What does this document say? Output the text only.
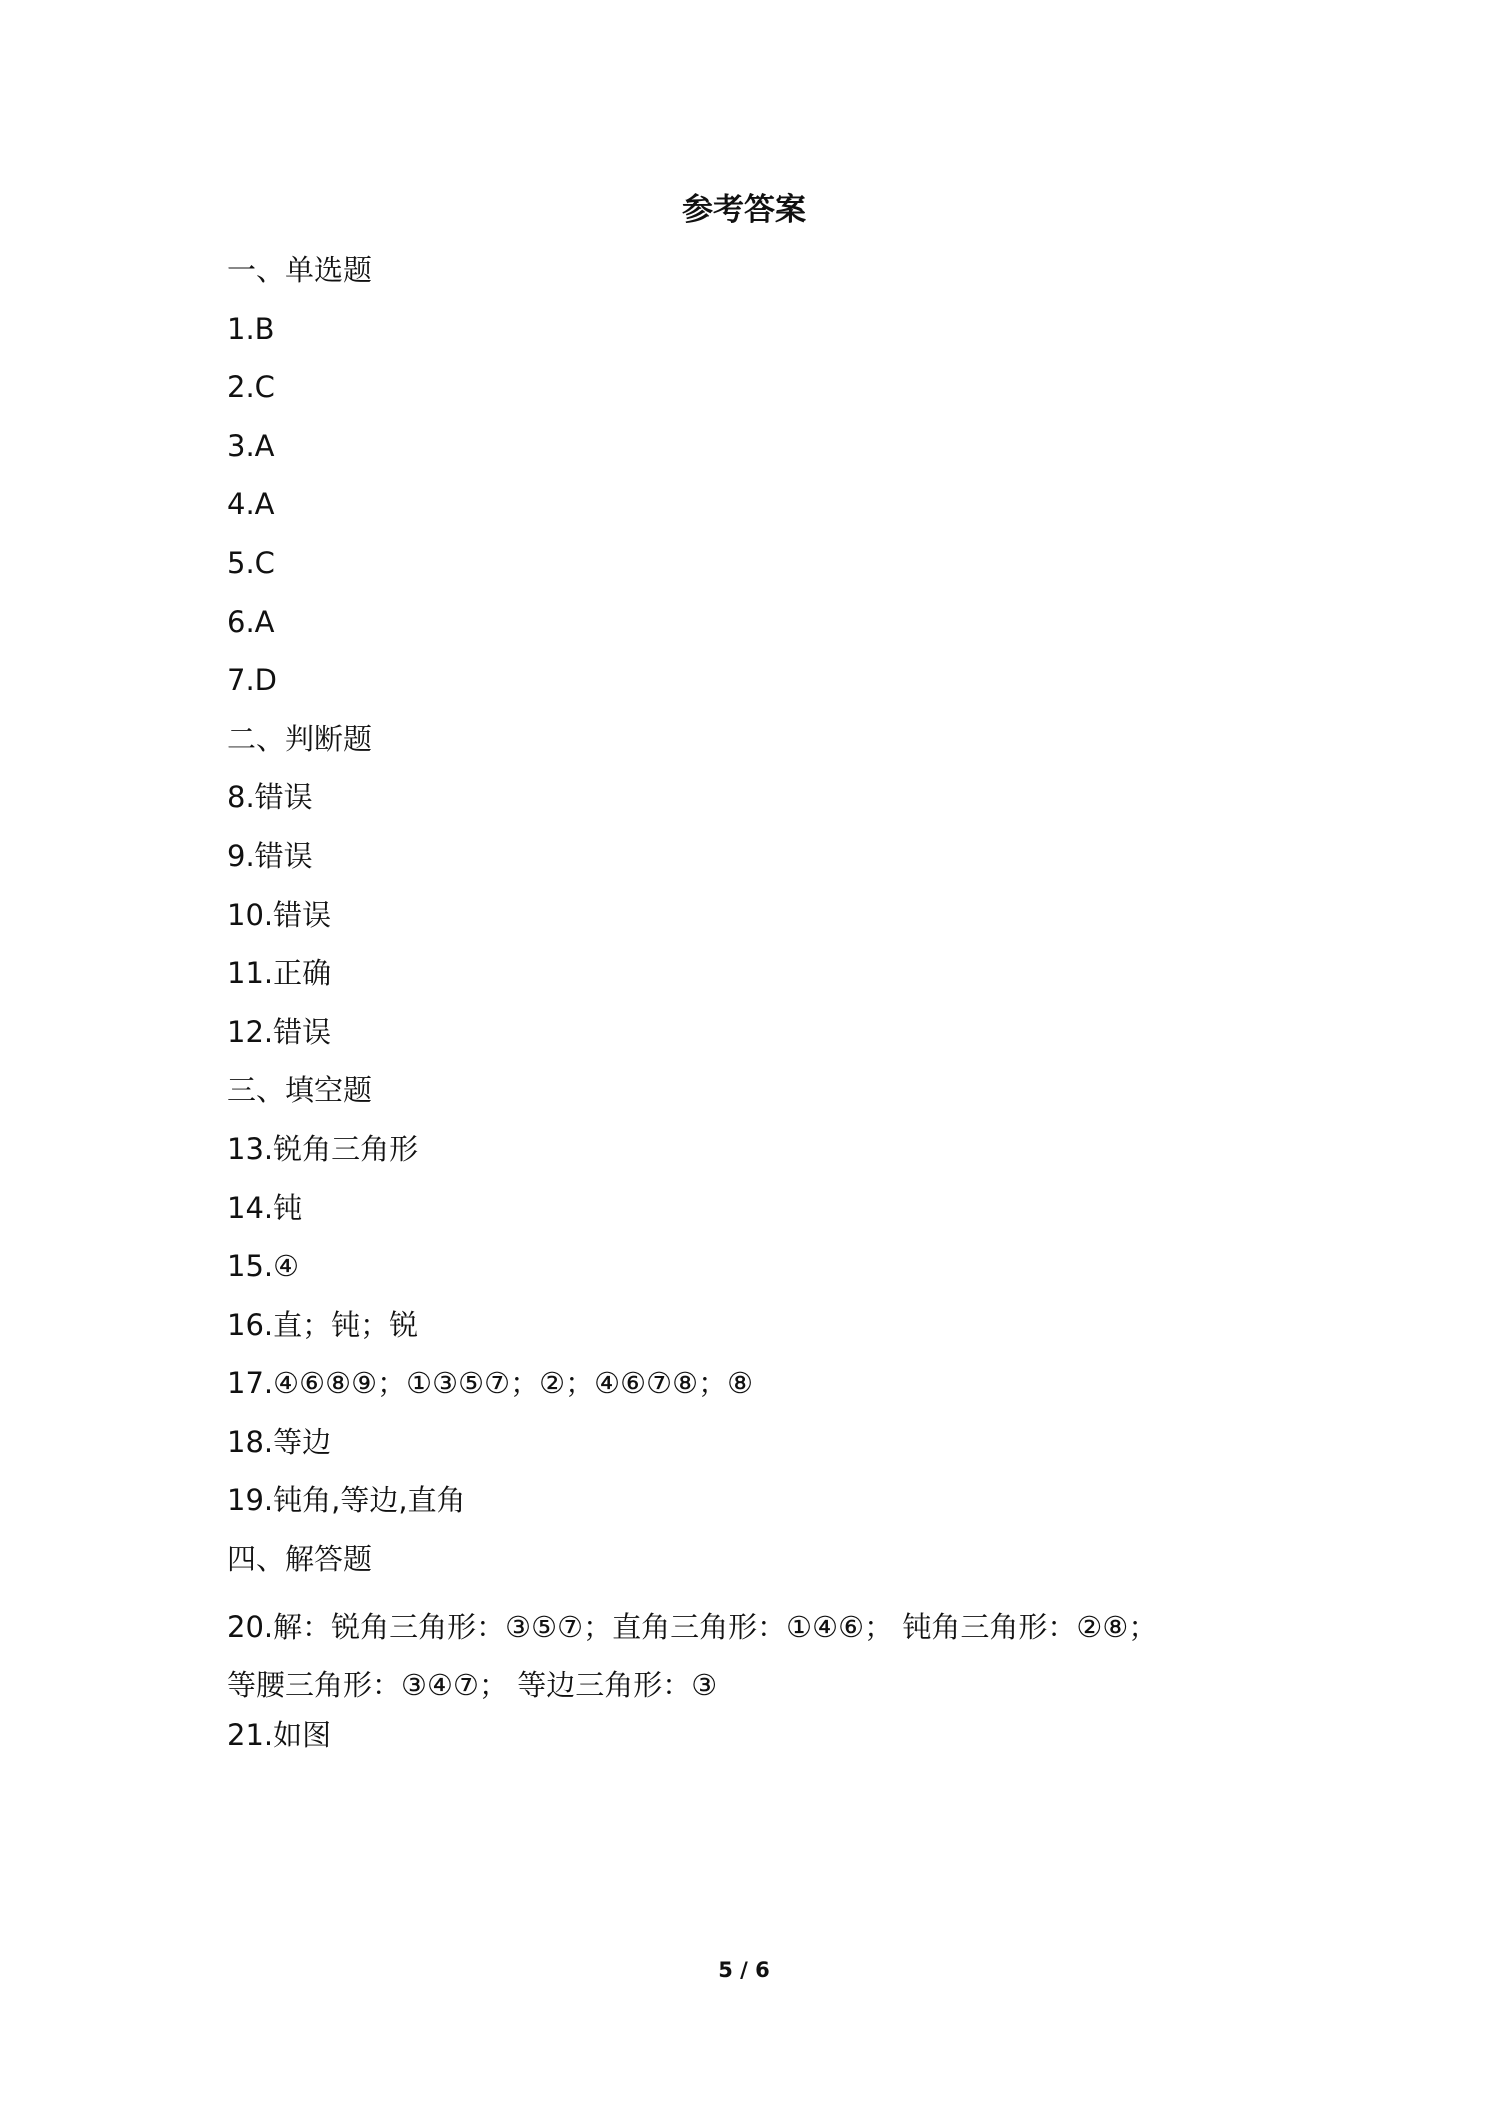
参考答案
一、单选题
1.B
2.C
3.A
4.A
5.C
6.A
7.D
二、判断题
8.错误
9.错误
10.错误
11.正确
12.错误
三、填空题
13.锐角三角形
14.钝
15.④
16.直；钝；锐
17.④⑥⑧⑨；①③⑤⑦；②；④⑥⑦⑧；⑧
18.等边
19.钝角,等边,直角
四、解答题
20.解：锐角三角形：③⑤⑦；直角三角形：①④⑥； 钝角三角形：②⑧；
等腰三角形：③④⑦； 等边三角形：③
21.如图
5 / 6
